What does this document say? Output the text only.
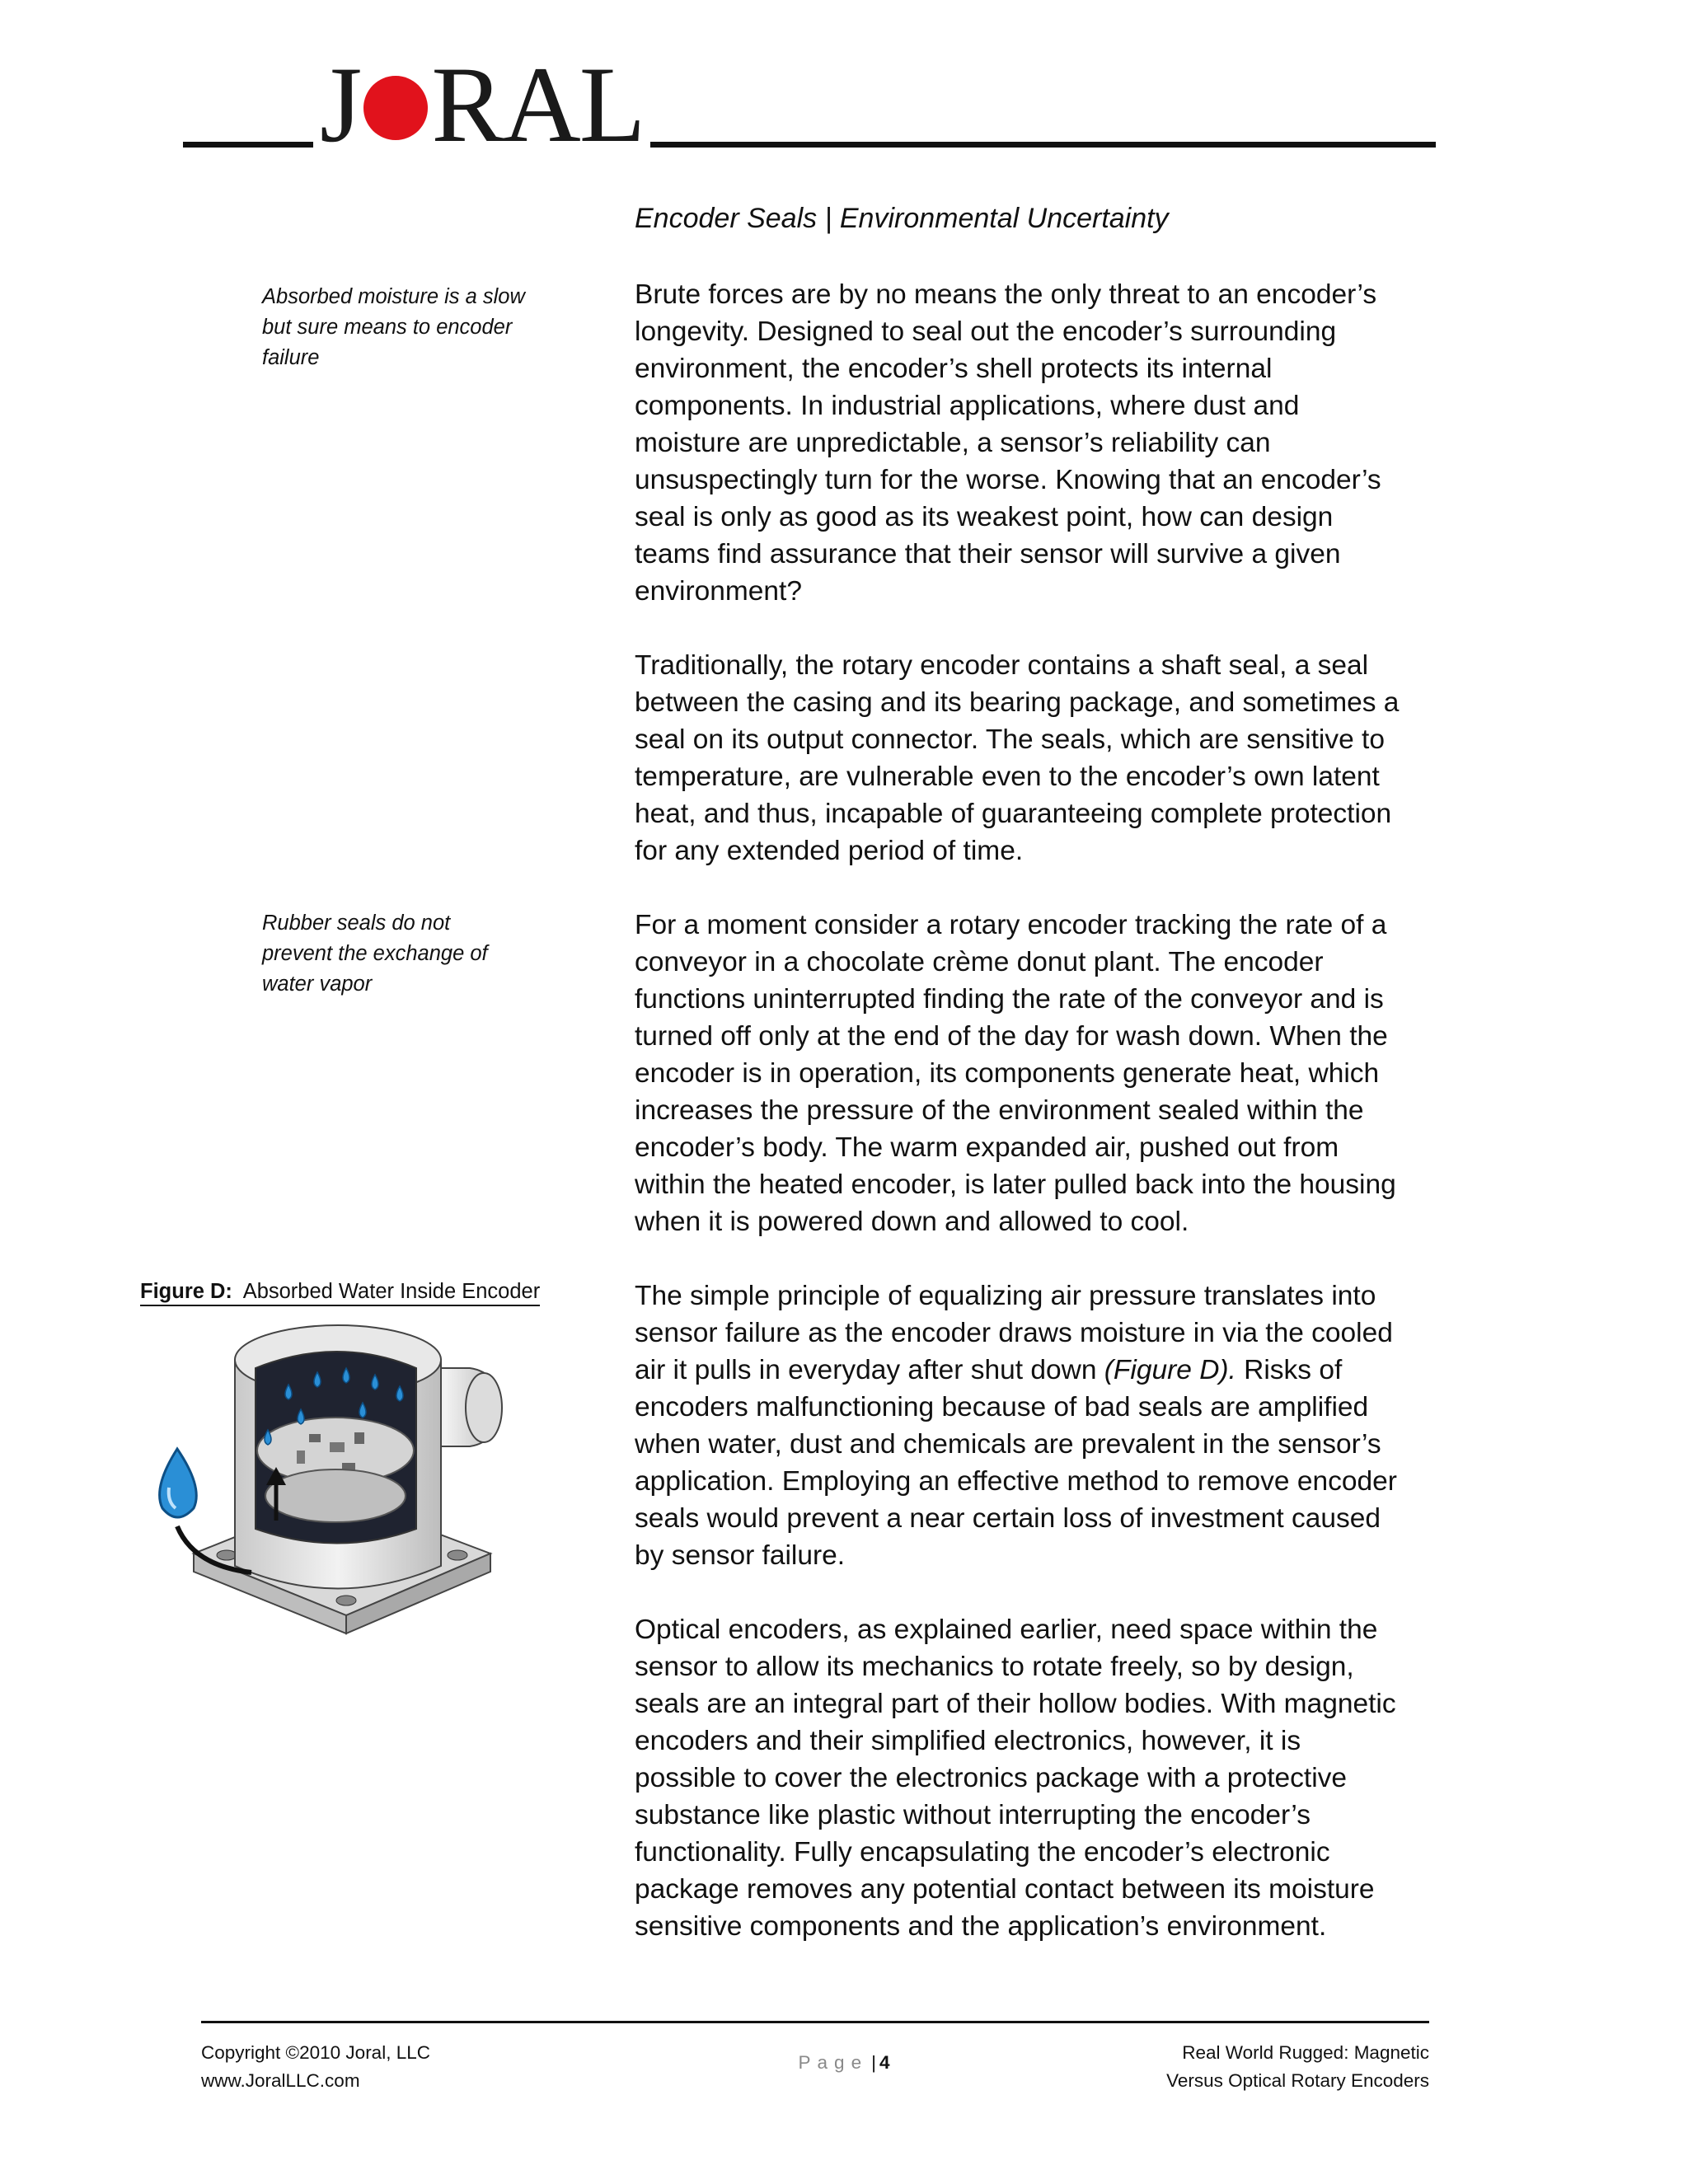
J RAL
Encoder Seals | Environmental Uncertainty
Absorbed moisture is a slow but sure means to encoder failure
Rubber seals do not prevent the exchange of water vapor

Brute forces are by no means the only threat to an encoder’s longevity. Designed to seal out the encoder’s surrounding environment, the encoder’s shell protects its internal components. In industrial applications, where dust and moisture are unpredictable, a sensor’s reliability can unsuspectingly turn for the worse. Knowing that an encoder’s seal is only as good as its weakest point, how can design teams find assurance that their sensor will survive a given environment?

Traditionally, the rotary encoder contains a shaft seal, a seal between the casing and its bearing package, and sometimes a seal on its output connector. The seals, which are sensitive to temperature, are vulnerable even to the encoder’s own latent heat, and thus, incapable of guaranteeing complete protection for any extended period of time.

For a moment consider a rotary encoder tracking the rate of a conveyor in a chocolate crème donut plant. The encoder functions uninterrupted finding the rate of the conveyor and is turned off only at the end of the day for wash down. When the encoder is in operation, its components generate heat, which increases the pressure of the environment sealed within the encoder’s body. The warm expanded air, pushed out from within the heated encoder, is later pulled back into the housing when it is powered down and allowed to cool.

The simple principle of equalizing air pressure translates into sensor failure as the encoder draws moisture in via the cooled air it pulls in everyday after shut down (Figure D). Risks of encoders malfunctioning because of bad seals are amplified when water, dust and chemicals are prevalent in the sensor’s application. Employing an effective method to remove encoder seals would prevent a near certain loss of investment caused by sensor failure.

Optical encoders, as explained earlier, need space within the sensor to allow its mechanics to rotate freely, so by design, seals are an integral part of their hollow bodies. With magnetic encoders and their simplified electronics, however, it is possible to cover the electronics package with a protective substance like plastic without interrupting the encoder’s functionality. Fully encapsulating the encoder’s electronic package removes any potential contact between its moisture sensitive components and the application’s environment.

Figure D: Absorbed Water Inside Encoder
Copyright ©2010 Joral, LLC
www.JoralLLC.com
Page | 4	Real World Rugged: Magnetic
Versus Optical Rotary Encoders
